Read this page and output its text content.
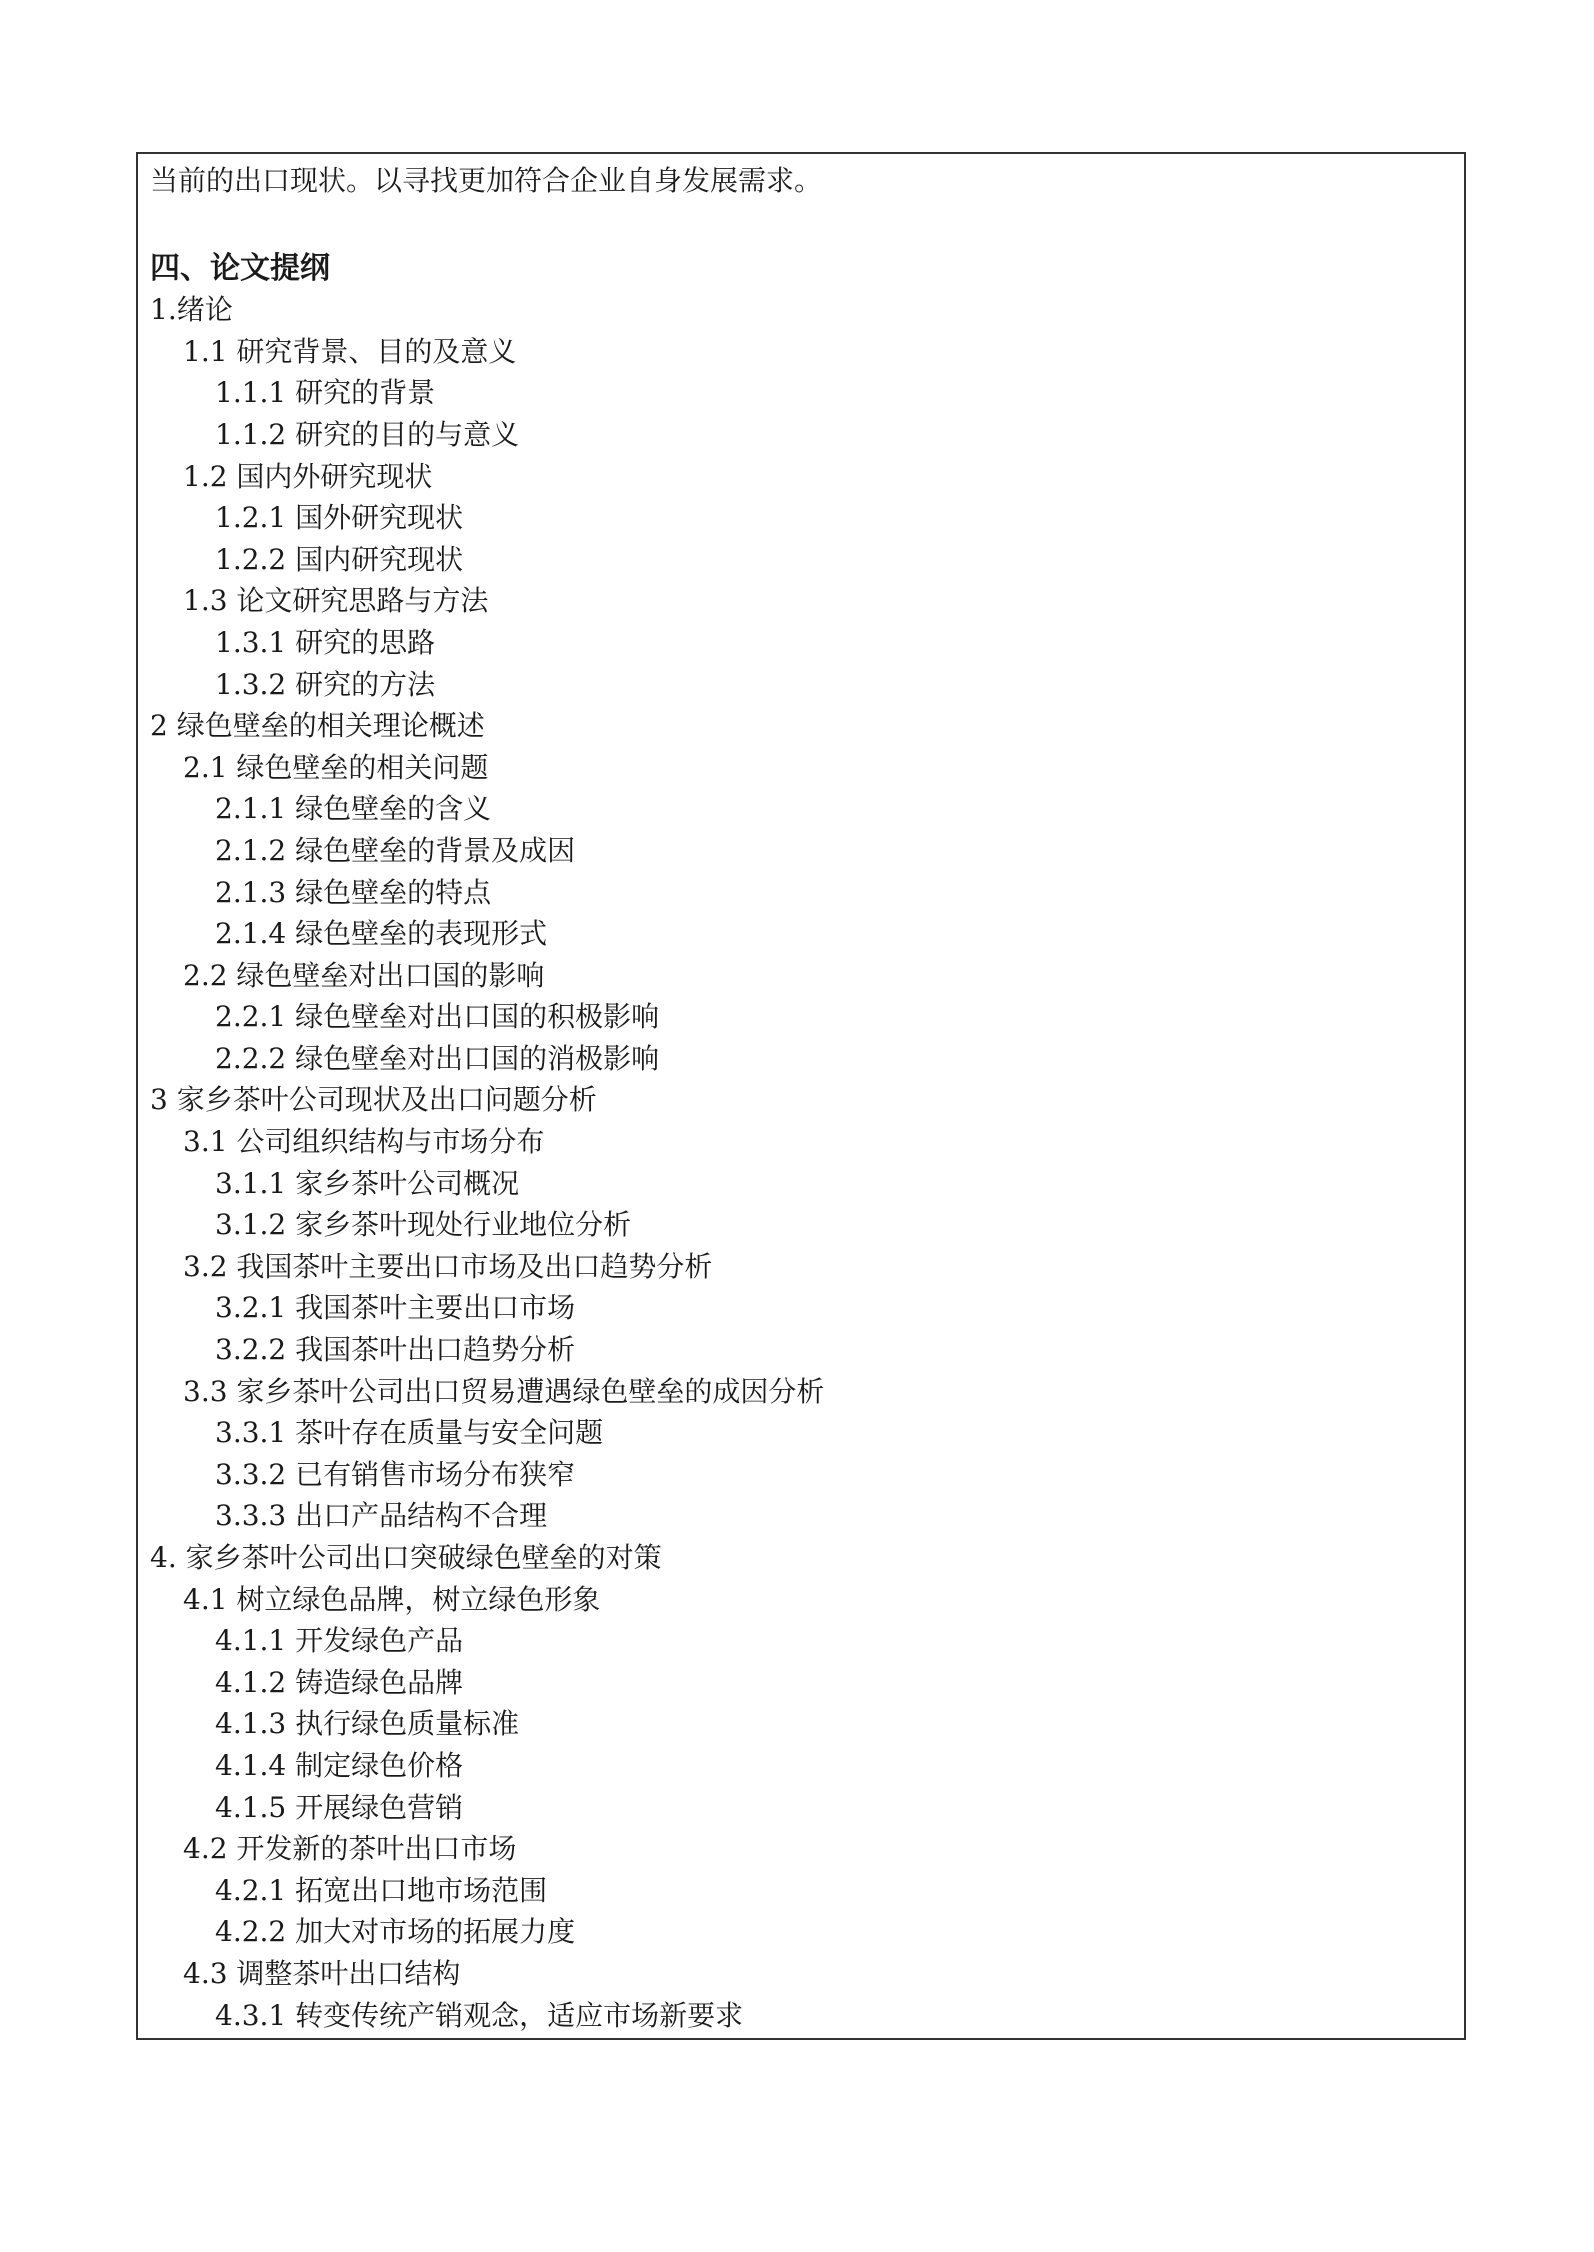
当前的出口现状。以寻找更加符合企业自身发展需求。
四、论文提纲
1.绪论
1.1 研究背景、目的及意义
1.1.1 研究的背景
1.1.2 研究的目的与意义
1.2 国内外研究现状
1.2.1 国外研究现状
1.2.2 国内研究现状
1.3 论文研究思路与方法
1.3.1 研究的思路
1.3.2 研究的方法
2 绿色壁垒的相关理论概述
2.1 绿色壁垒的相关问题
2.1.1 绿色壁垒的含义
2.1.2 绿色壁垒的背景及成因
2.1.3 绿色壁垒的特点
2.1.4 绿色壁垒的表现形式
2.2 绿色壁垒对出口国的影响
2.2.1 绿色壁垒对出口国的积极影响
2.2.2 绿色壁垒对出口国的消极影响
3 家乡茶叶公司现状及出口问题分析
3.1 公司组织结构与市场分布
3.1.1 家乡茶叶公司概况
3.1.2 家乡茶叶现处行业地位分析
3.2 我国茶叶主要出口市场及出口趋势分析
3.2.1 我国茶叶主要出口市场
3.2.2 我国茶叶出口趋势分析
3.3 家乡茶叶公司出口贸易遭遇绿色壁垒的成因分析
3.3.1 茶叶存在质量与安全问题
3.3.2 已有销售市场分布狭窄
3.3.3 出口产品结构不合理
4. 家乡茶叶公司出口突破绿色壁垒的对策
4.1 树立绿色品牌，树立绿色形象
4.1.1 开发绿色产品
4.1.2 铸造绿色品牌
4.1.3 执行绿色质量标准
4.1.4 制定绿色价格
4.1.5 开展绿色营销
4.2 开发新的茶叶出口市场
4.2.1 拓宽出口地市场范围
4.2.2 加大对市场的拓展力度
4.3 调整茶叶出口结构
4.3.1 转变传统产销观念，适应市场新要求
